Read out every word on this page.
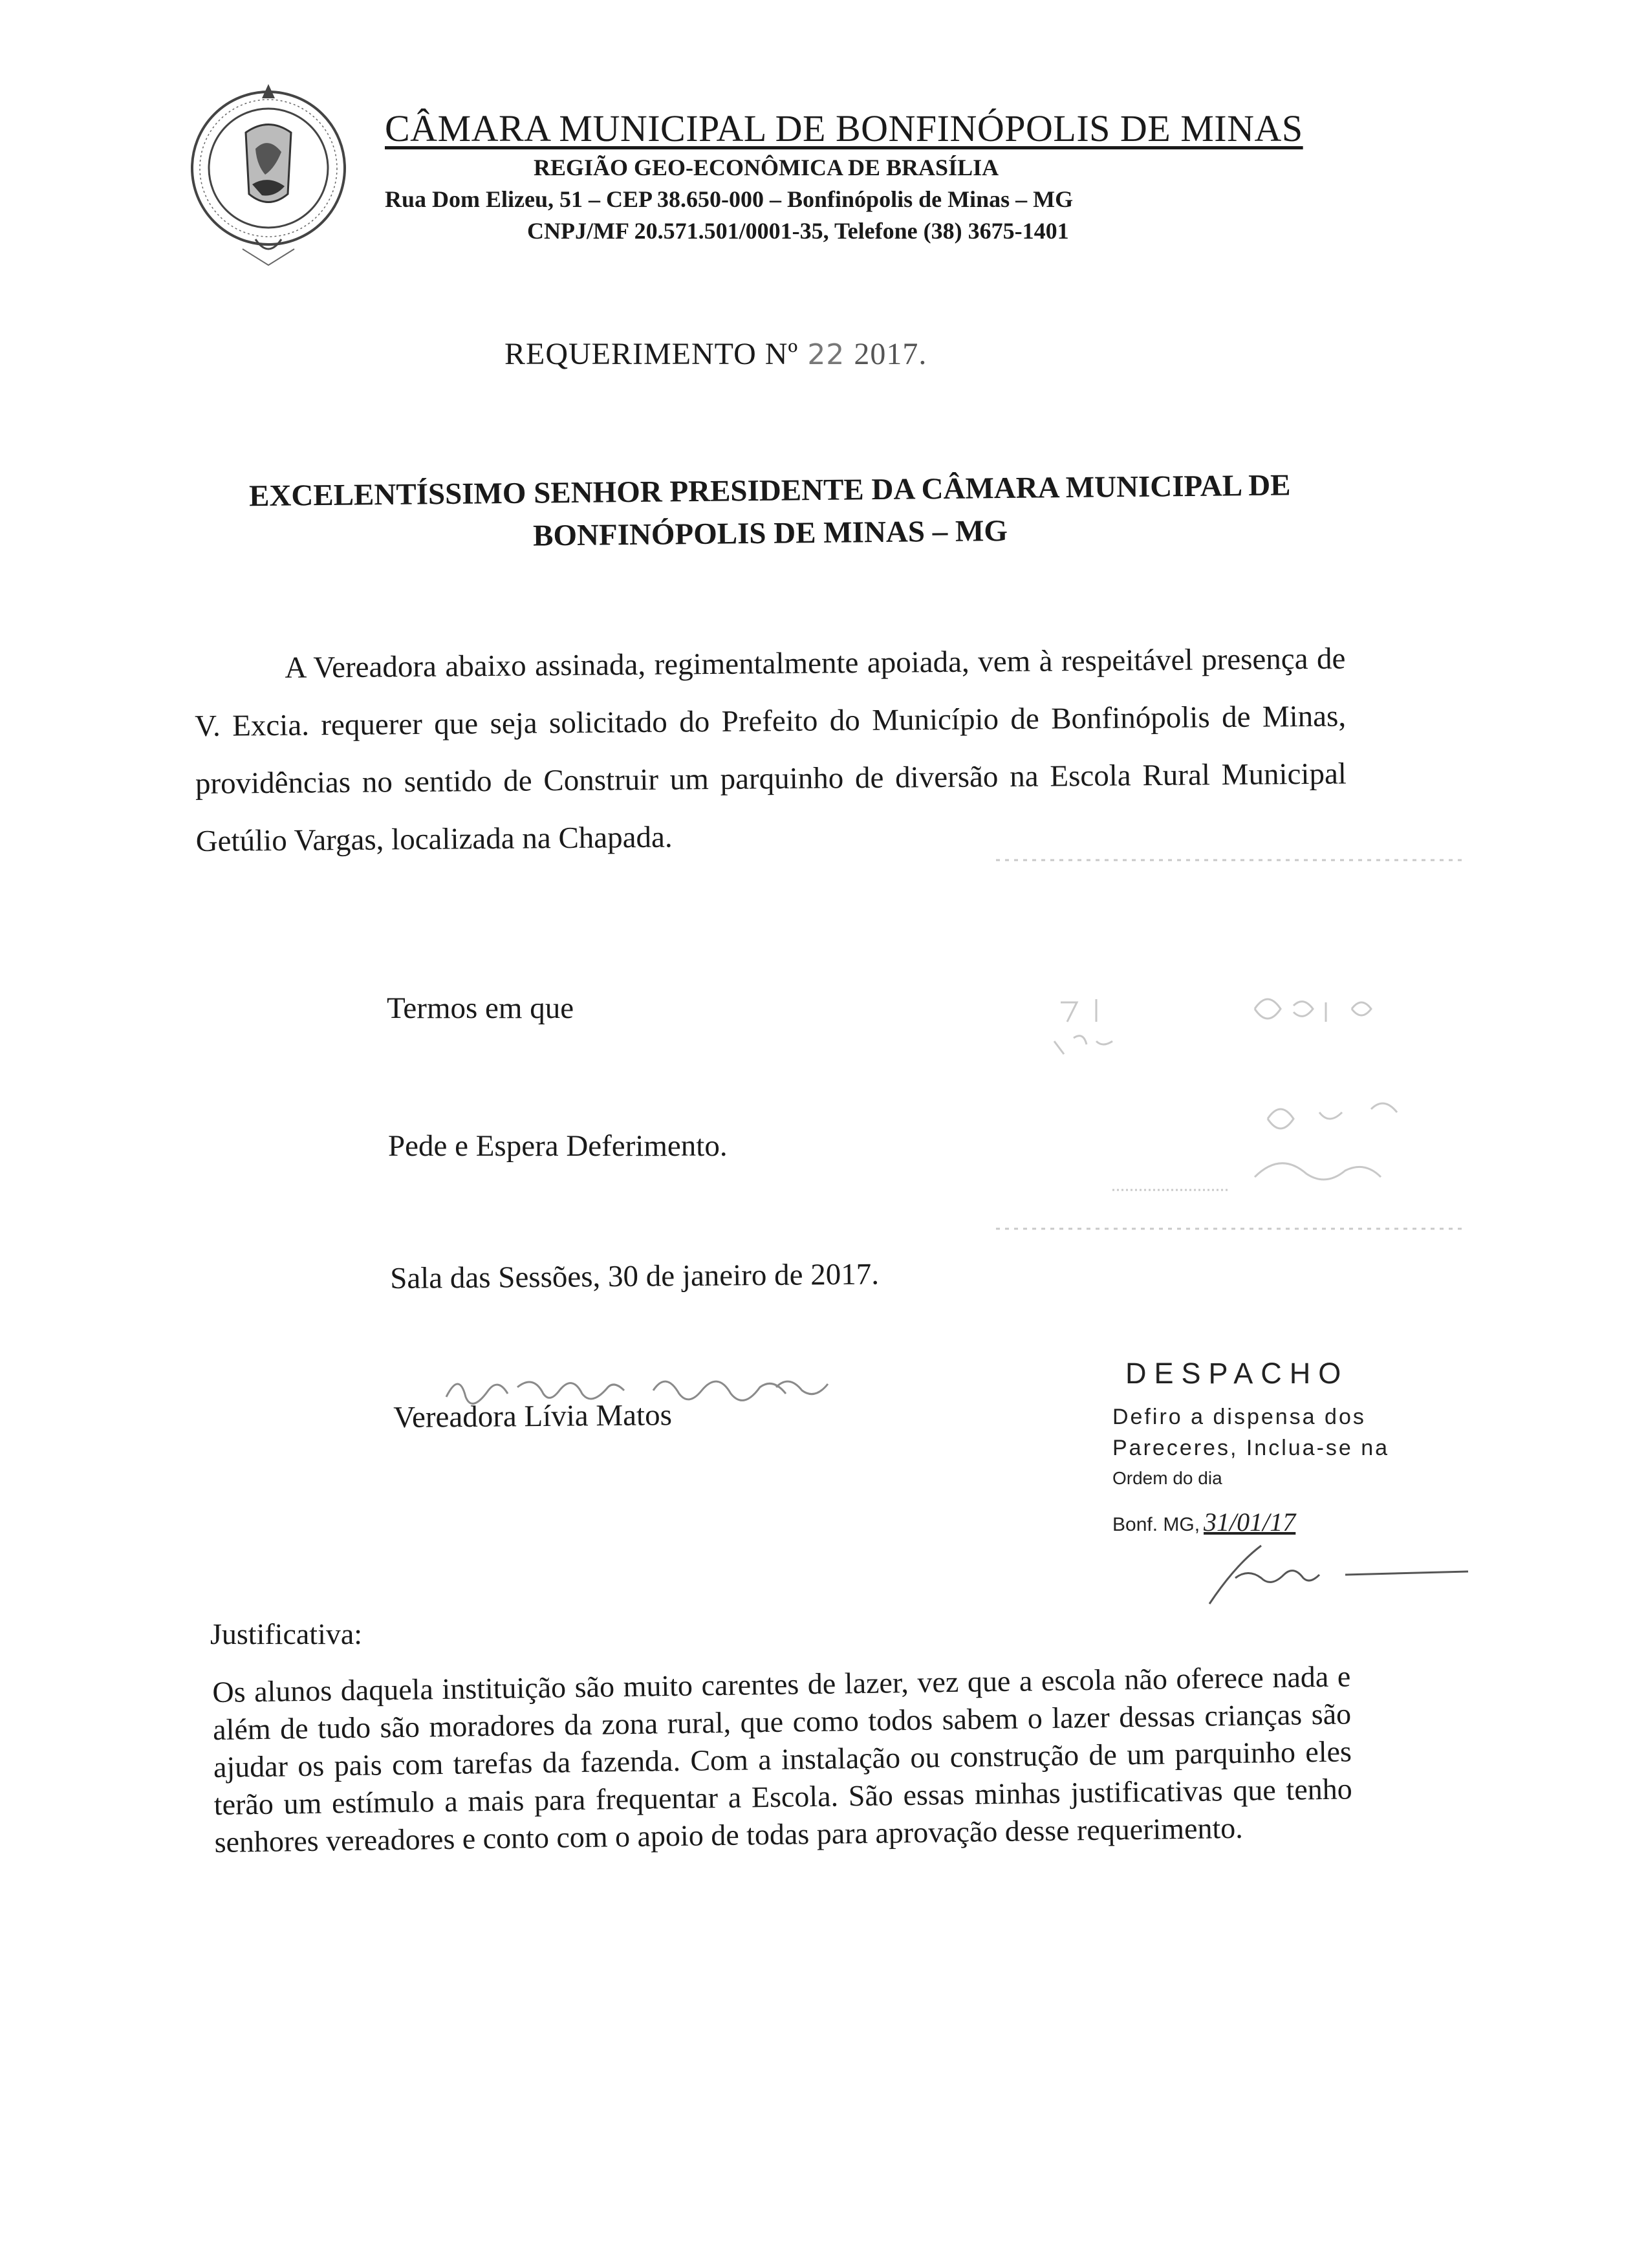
CÂMARA MUNICIPAL DE BONFINÓPOLIS DE MINAS
REGIÃO GEO-ECONÔMICA DE BRASÍLIA
Rua Dom Elizeu, 51 – CEP 38.650-000 – Bonfinópolis de Minas – MG
CNPJ/MF 20.571.501/0001-35, Telefone (38) 3675-1401
REQUERIMENTO Nº 22 2017.
EXCELENTÍSSIMO SENHOR PRESIDENTE DA CÂMARA MUNICIPAL DE
BONFINÓPOLIS DE MINAS – MG
A Vereadora abaixo assinada, regimentalmente apoiada, vem à respeitável presença de V. Excia. requerer que seja solicitado do Prefeito do Município de Bonfinópolis de Minas, providências no sentido de Construir um parquinho de diversão na Escola Rural Municipal Getúlio Vargas, localizada na Chapada.
Termos em que
Pede e Espera Deferimento.
Sala das Sessões, 30 de janeiro de 2017.
Vereadora Lívia Matos
DESPACHO
Defiro a dispensa dos
Pareceres, Inclua-se na
Ordem do dia
Bonf. MG, 31/01/17
Justificativa:
Os alunos daquela instituição são muito carentes de lazer, vez que a escola não oferece nada e além de tudo são moradores da zona rural, que como todos sabem o lazer dessas crianças são ajudar os pais com tarefas da fazenda. Com a instalação ou construção de um parquinho eles terão um estímulo a mais para frequentar a Escola. São essas minhas justificativas que tenho senhores vereadores e conto com o apoio de todas para aprovação desse requerimento.
